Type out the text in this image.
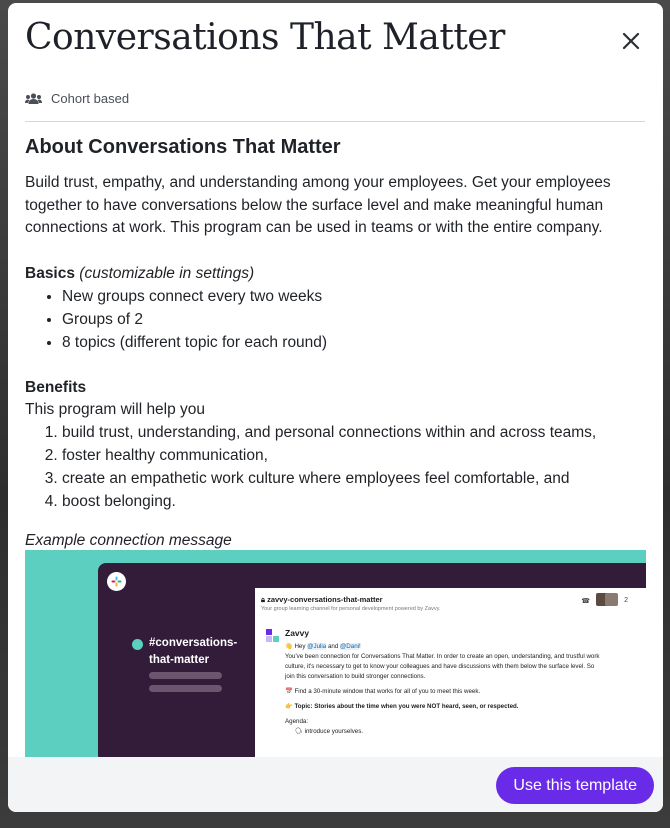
Conversations That Matter
Cohort based
About Conversations That Matter
Build trust, empathy, and understanding among your employees. Get your employees together to have conversations below the surface level and make meaningful human connections at work. This program can be used in teams or with the entire company.
Basics (customizable in settings)
• New groups connect every two weeks
• Groups of 2
• 8 topics (different topic for each round)
Benefits
This program will help you
1. build trust, understanding, and personal connections within and across teams,
2. foster healthy communication,
3. create an empathetic work culture where employees feel comfortable, and
4. boost belonging.
Example connection message
#conversations-
that-matter
🔒︎ zavvy-conversations-that-matter
Your group learning channel for personal development powered by Zavvy.
☎	2
Zavvy

👋 Hey @Julia and @Dani!
You've been connection for Conversations That Matter. In order to create an open, understanding, and trustful work culture, it's necessary to get to know your colleagues and have discussions with them below the surface level. So join this conversation to build stronger connections.

📅 Find a 30-minute window that works for all of you to meet this week.

👉 Topic: Stories about the time when you were NOT heard, seen, or respected.

Agenda:
🗣 introduce yourselves.
Use this template
